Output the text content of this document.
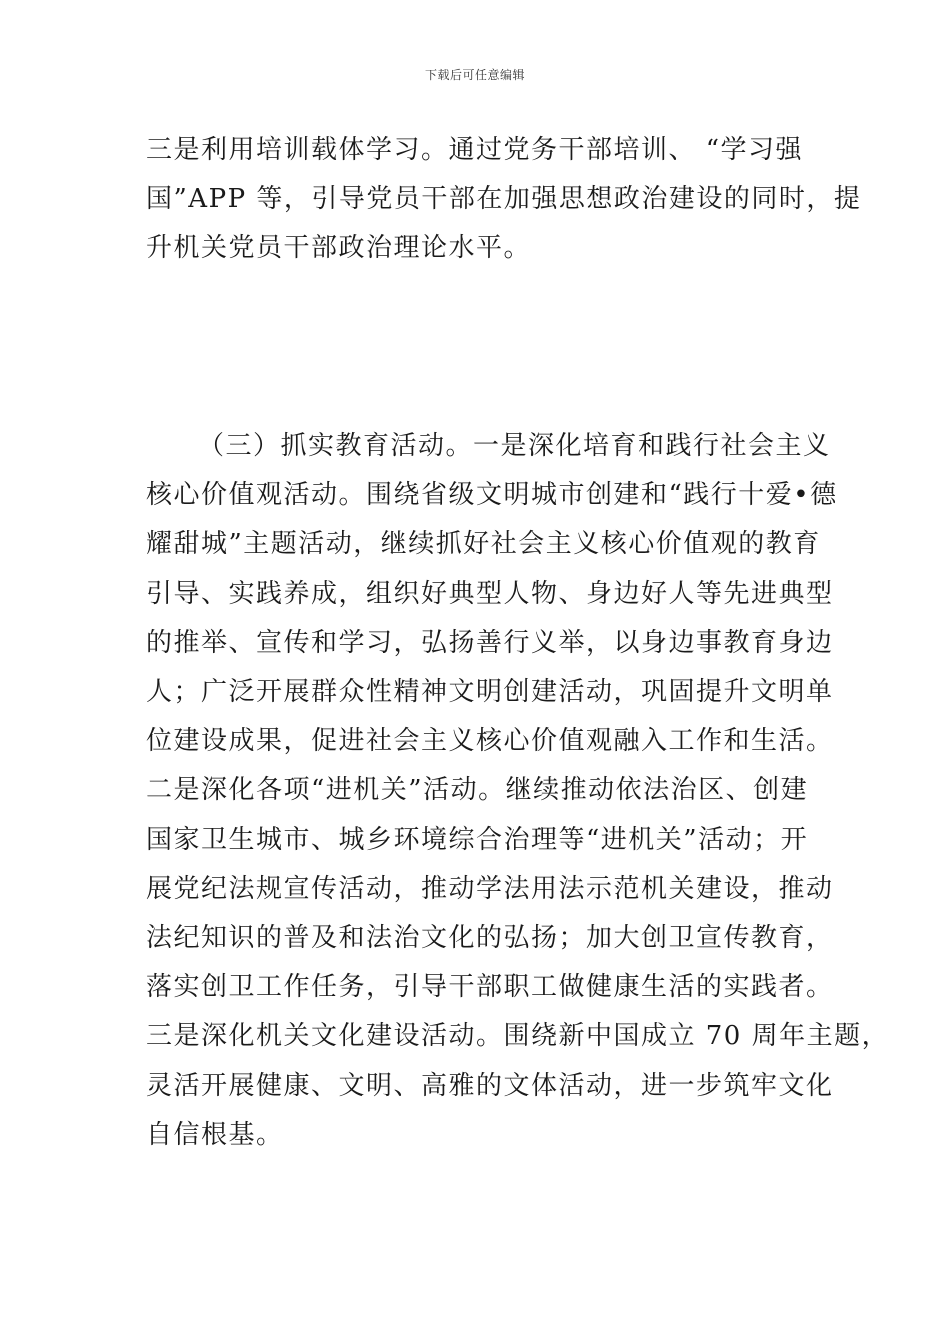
下载后可任意编辑
三是利用培训载体学习。通过党务干部培训、 “学习强
国”APP 等，引导党员干部在加强思想政治建设的同时，提
升机关党员干部政治理论水平。
（三）抓实教育活动。一是深化培育和践行社会主义
核心价值观活动。围绕省级文明城市创建和“践行十爱•德
耀甜城”主题活动，继续抓好社会主义核心价值观的教育
引导、实践养成，组织好典型人物、身边好人等先进典型
的推举、宣传和学习，弘扬善行义举，以身边事教育身边
人；广泛开展群众性精神文明创建活动，巩固提升文明单
位建设成果，促进社会主义核心价值观融入工作和生活。
二是深化各项“进机关”活动。继续推动依法治区、创建
国家卫生城市、城乡环境综合治理等“进机关”活动；开
展党纪法规宣传活动，推动学法用法示范机关建设，推动
法纪知识的普及和法治文化的弘扬；加大创卫宣传教育，
落实创卫工作任务，引导干部职工做健康生活的实践者。
三是深化机关文化建设活动。围绕新中国成立 70 周年主题，
灵活开展健康、文明、高雅的文体活动，进一步筑牢文化
自信根基。
